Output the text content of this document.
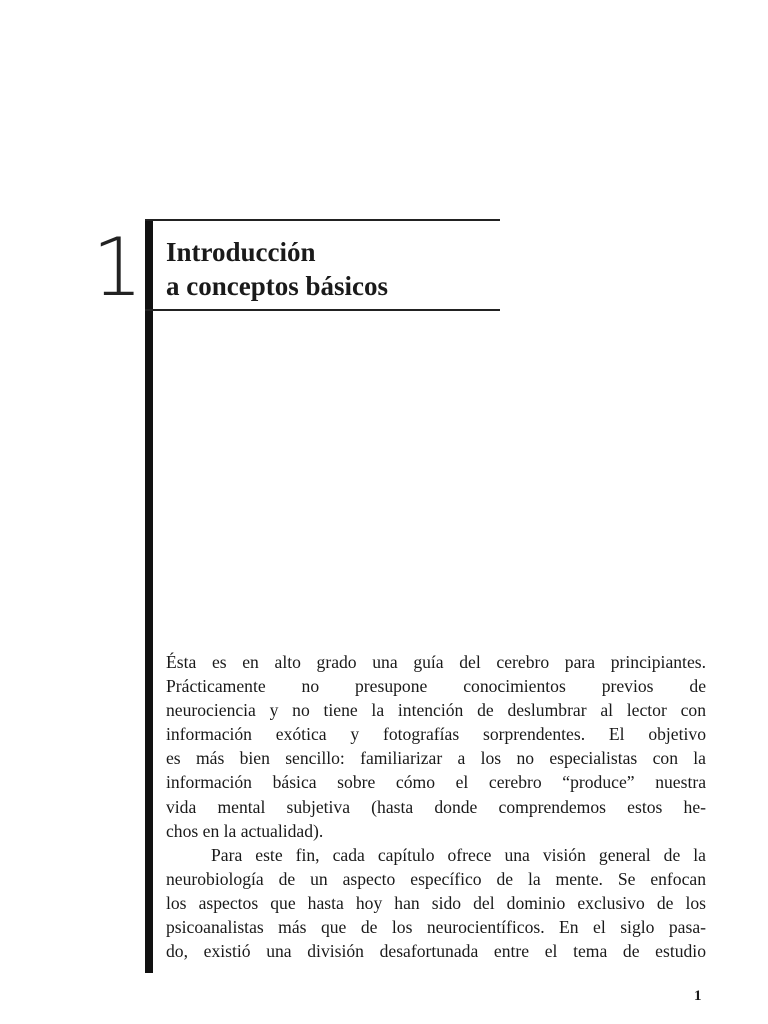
1 Introducción
a conceptos básicos
Ésta es en alto grado una guía del cerebro para principiantes.
Prácticamente no presupone conocimientos previos de
neurociencia y no tiene la intención de deslumbrar al lector con
información exótica y fotografías sorprendentes. El objetivo
es más bien sencillo: familiarizar a los no especialistas con la
información básica sobre cómo el cerebro “produce” nuestra
vida mental subjetiva (hasta donde comprendemos estos he-
chos en la actualidad).
Para este fin, cada capítulo ofrece una visión general de la
neurobiología de un aspecto específico de la mente. Se enfocan
los aspectos que hasta hoy han sido del dominio exclusivo de los
psicoanalistas más que de los neurocientíficos. En el siglo pasa-
do, existió una división desafortunada entre el tema de estudio
1
